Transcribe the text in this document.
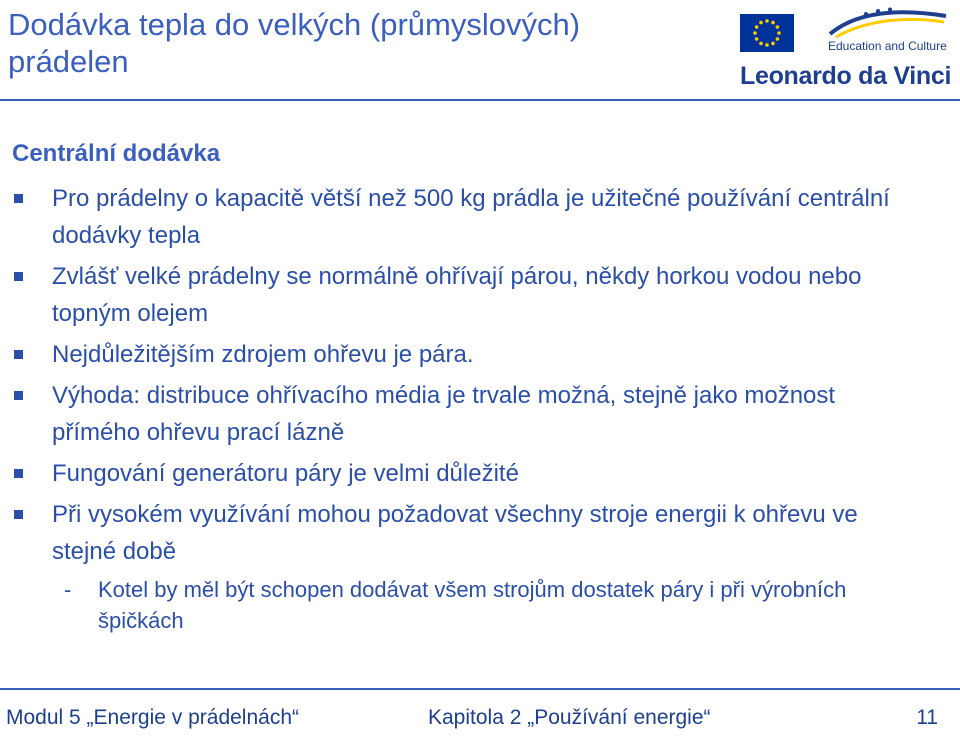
Dodávka tepla do velkých (průmyslových) prádelen	Education and Culture
Leonardo da Vinci
Centrální dodávka
Pro prádelny o kapacitě větší než 500 kg prádla je užitečné používání centrální dodávky tepla
Zvlášť velké prádelny se normálně ohřívají párou, někdy horkou vodou nebo topným olejem
Nejdůležitějším zdrojem ohřevu je pára.
Výhoda: distribuce ohřívacího média je trvale možná, stejně jako možnost přímého ohřevu prací lázně
Fungování generátoru páry je velmi důležité
Při vysokém využívání mohou požadovat všechny stroje energii k ohřevu ve stejné době
- Kotel by měl být schopen dodávat všem strojům dostatek páry i při výrobních špičkách
Modul 5 „Energie v prádelnách“	Kapitola 2 „Používání energie“	11
